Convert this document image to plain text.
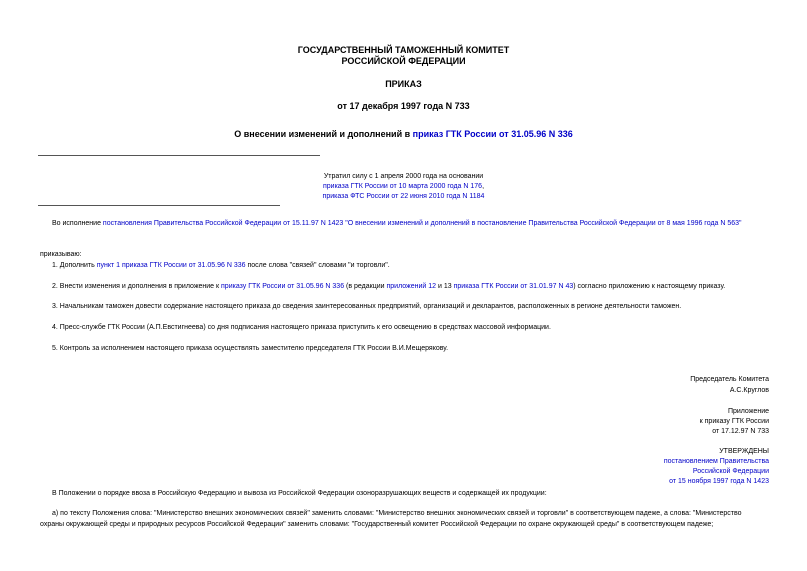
ГОСУДАРСТВЕННЫЙ ТАМОЖЕННЫЙ КОМИТЕТ
РОССИЙСКОЙ ФЕДЕРАЦИИ
ПРИКАЗ
от 17 декабря 1997 года N 733
О внесении изменений и дополнений в приказ ГТК России от 31.05.96 N 336
Утратил силу с 1 апреля 2000 года на основании
приказа ГТК России от 10 марта 2000 года N 176,
приказа ФТС России от 22 июня 2010 года N 1184
Во исполнение постановления Правительства Российской Федерации от 15.11.97 N 1423 "О внесении изменений и дополнений в постановление Правительства Российской Федерации от 8 мая 1996 года N 563"
приказываю:
1. Дополнить пункт 1 приказа ГТК России от 31.05.96 N 336 после слова "связей" словами "и торговли".
2. Внести изменения и дополнения в приложение к приказу ГТК России от 31.05.96 N 336 (в редакции приложений 12 и 13 приказа ГТК России от 31.01.97 N 43) согласно приложению к настоящему приказу.
3. Начальникам таможен довести содержание настоящего приказа до сведения заинтересованных предприятий, организаций и декларантов, расположенных в регионе деятельности таможен.
4. Пресс-службе ГТК России (А.П.Евстигнеева) со дня подписания настоящего приказа приступить к его освещению в средствах массовой информации.
5. Контроль за исполнением настоящего приказа осуществлять заместителю председателя ГТК России В.И.Мещерякову.
Председатель Комитета
А.С.Круглов
Приложение
к приказу ГТК России
от 17.12.97 N 733
УТВЕРЖДЕНЫ
постановлением Правительства
Российской Федерации
от 15 ноября 1997 года N 1423
В Положении о порядке ввоза в Российскую Федерацию и вывоза из Российской Федерации озоноразрушающих веществ и содержащей их продукции:
а) по тексту Положения слова: "Министерство внешних экономических связей" заменить словами: "Министерство внешних экономических связей и торговли" в соответствующем падеже, а слова: "Министерство
охраны окружающей среды и природных ресурсов Российской Федерации" заменить словами: "Государственный комитет Российской Федерации по охране окружающей среды" в соответствующем падеже;
